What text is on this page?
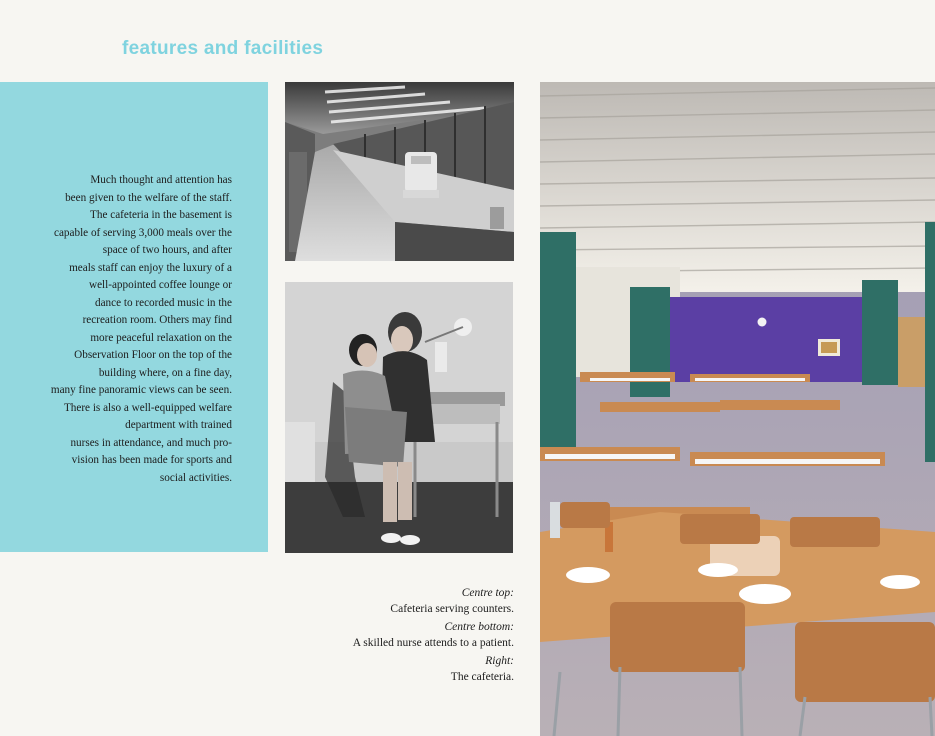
features and facilities

Much thought and attention has
been given to the welfare of the staff.
The cafeteria in the basement is
capable of serving 3,000 meals over the
space of two hours, and after
meals staff can enjoy the luxury of a
well-appointed coffee lounge or
dance to recorded music in the
recreation room. Others may find
more peaceful relaxation on the
Observation Floor on the top of the
building where, on a fine day,
many fine panoramic views can be seen.
There is also a well-equipped welfare
department with trained
nurses in attendance, and much pro-
vision has been made for sports and
social activities.

Centre top:
Cafeteria serving counters.
Centre bottom:
A skilled nurse attends to a patient.
Right:
The cafeteria.
